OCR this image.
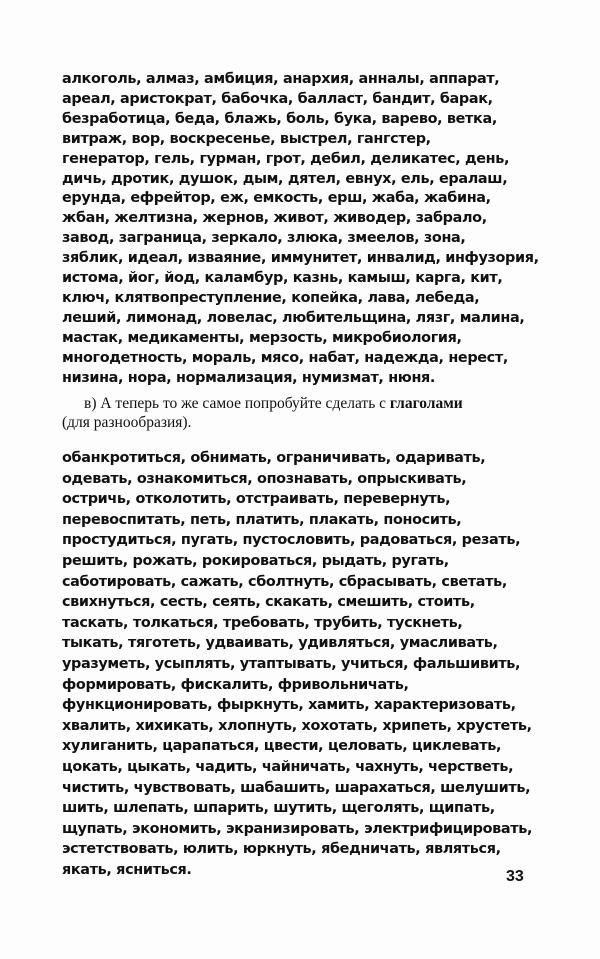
алкоголь, алмаз, амбиция, анархия, анналы, аппарат,
ареал, аристократ, бабочка, балласт, бандит, барак,
безработица, беда, блажь, боль, бука, варево, ветка,
витраж, вор, воскресенье, выстрел, гангстер,
генератор, гель, гурман, грот, дебил, деликатес, день,
дичь, дротик, душок, дым, дятел, евнух, ель, ералаш,
ерунда, ефрейтор, еж, емкость, ерш, жаба, жабина,
жбан, желтизна, жернов, живот, живодер, забрало,
завод, заграница, зеркало, злюка, змеелов, зона,
зяблик, идеал, изваяние, иммунитет, инвалид, инфузория,
истома, йог, йод, каламбур, казнь, камыш, карга, кит,
ключ, клятвопреступление, копейка, лава, лебеда,
леший, лимонад, ловелас, любительщина, лязг, малина,
мастак, медикаменты, мерзость, микробиология,
многодетность, мораль, мясо, набат, надежда, нерест,
низина, нора, нормализация, нумизмат, нюня.
в) А теперь то же самое попробуйте сделать с глаголами
(для разнообразия).
обанкротиться, обнимать, ограничивать, одаривать,
одевать, ознакомиться, опознавать, опрыскивать,
остричь, отколотить, отстраивать, перевернуть,
перевоспитать, петь, платить, плакать, поносить,
простудиться, пугать, пустословить, радоваться, резать,
решить, рожать, рокироваться, рыдать, ругать,
саботировать, сажать, сболтнуть, сбрасывать, светать,
свихнуться, сесть, сеять, скакать, смешить, стоить,
таскать, толкаться, требовать, трубить, тускнеть,
тыкать, тяготеть, удваивать, удивляться, умасливать,
уразуметь, усыплять, утаптывать, учиться, фальшивить,
формировать, фискалить, фривольничать,
функционировать, фыркнуть, хамить, характеризовать,
хвалить, хихикать, хлопнуть, хохотать, хрипеть, хрустеть,
хулиганить, царапаться, цвести, целовать, циклевать,
цокать, цыкать, чадить, чайничать, чахнуть, черстветь,
чистить, чувствовать, шабашить, шарахаться, шелушить,
шить, шлепать, шпарить, шутить, щеголять, щипать,
щупать, экономить, экранизировать, электрифицировать,
эстетствовать, юлить, юркнуть, ябедничать, являться,
якать, ясниться.	33
